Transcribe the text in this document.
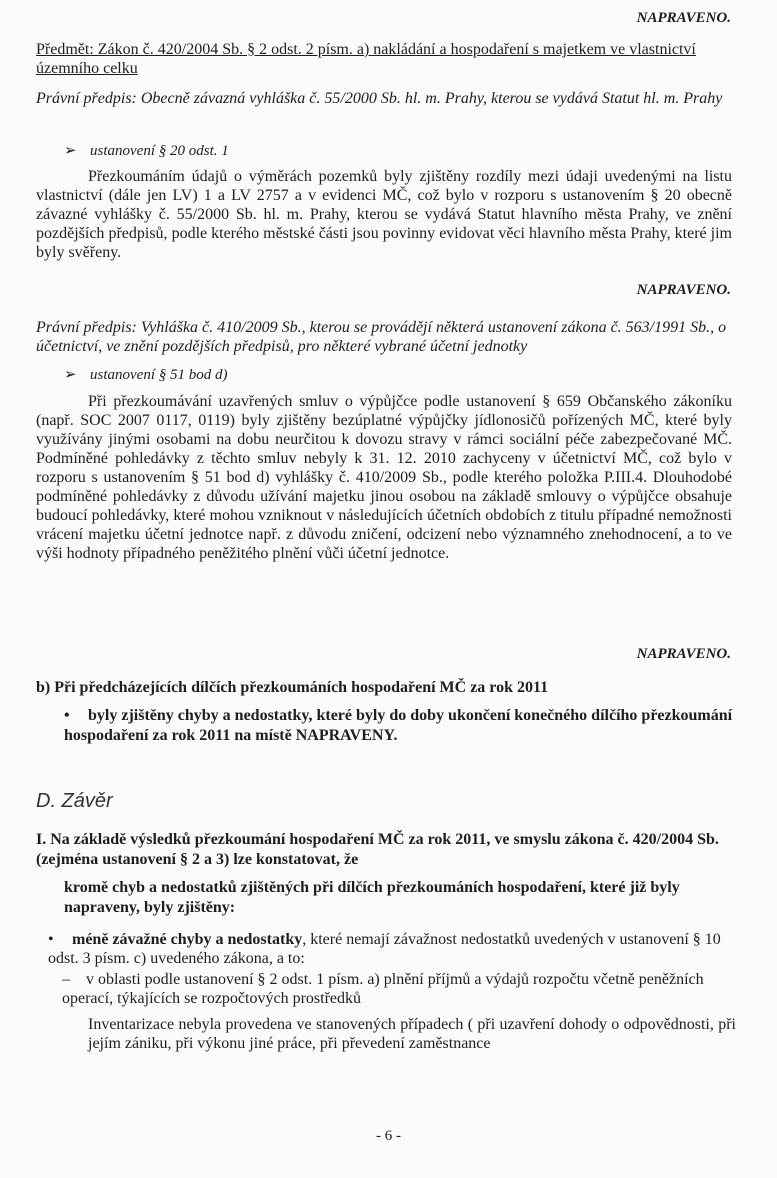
NAPRAVENO.
Předmět: Zákon č. 420/2004 Sb. § 2 odst. 2 písm. a) nakládání a hospodaření s majetkem ve vlastnictví územního celku
Právní předpis: Obecně závazná vyhláška č. 55/2000 Sb. hl. m. Prahy, kterou se vydává Statut hl. m. Prahy
➢ ustanovení § 20 odst. 1
Přezkoumáním údajů o výměrách pozemků byly zjištěny rozdíly mezi údaji uvedenými na listu vlastnictví (dále jen LV) 1 a LV 2757 a v evidenci MČ, což bylo v rozporu s ustanovením § 20 obecně závazné vyhlášky č. 55/2000 Sb. hl. m. Prahy, kterou se vydává Statut hlavního města Prahy, ve znění pozdějších předpisů, podle kterého městské části jsou povinny evidovat věci hlavního města Prahy, které jim byly svěřeny.
NAPRAVENO.
Právní předpis: Vyhláška č. 410/2009 Sb., kterou se provádějí některá ustanovení zákona č. 563/1991 Sb., o účetnictví, ve znění pozdějších předpisů, pro některé vybrané účetní jednotky
➢ ustanovení § 51 bod d)
Při přezkoumávání uzavřených smluv o výpůjčce podle ustanovení § 659 Občanského zákoníku (např. SOC 2007 0117, 0119) byly zjištěny bezúplatné výpůjčky jídlonosičů pořízených MČ, které byly využívány jinými osobami na dobu neurčitou k dovozu stravy v rámci sociální péče zabezpečované MČ. Podmíněné pohledávky z těchto smluv nebyly k 31. 12. 2010 zachyceny v účetnictví MČ, což bylo v rozporu s ustanovením § 51 bod d) vyhlášky č. 410/2009 Sb., podle kterého položka P.III.4. Dlouhodobé podmíněné pohledávky z důvodu užívání majetku jinou osobou na základě smlouvy o výpůjčce obsahuje budoucí pohledávky, které mohou vzniknout v následujících účetních obdobích z titulu případné nemožnosti vrácení majetku účetní jednotce např. z důvodu zničení, odcizení nebo významného znehodnocení, a to ve výši hodnoty případného peněžitého plnění vůči účetní jednotce.
NAPRAVENO.
b) Při předcházejících dílčích přezkoumáních hospodaření MČ za rok 2011
• byly zjištěny chyby a nedostatky, které byly do doby ukončení konečného dílčího přezkoumání hospodaření za rok 2011 na místě NAPRAVENY.
D. Závěr
I. Na základě výsledků přezkoumání hospodaření MČ za rok 2011, ve smyslu zákona č. 420/2004 Sb. (zejména ustanovení § 2 a 3) lze konstatovat, že
kromě chyb a nedostatků zjištěných při dílčích přezkoumáních hospodaření, které již byly napraveny, byly zjištěny:
• méně závažné chyby a nedostatky, které nemají závažnost nedostatků uvedených v ustanovení § 10 odst. 3 písm. c) uvedeného zákona, a to:
– v oblasti podle ustanovení § 2 odst. 1 písm. a) plnění příjmů a výdajů rozpočtu včetně peněžních operací, týkajících se rozpočtových prostředků
Inventarizace nebyla provedena ve stanovených případech ( při uzavření dohody o odpovědnosti, při jejím zániku, při výkonu jiné práce, při převedení zaměstnance
- 6 -
